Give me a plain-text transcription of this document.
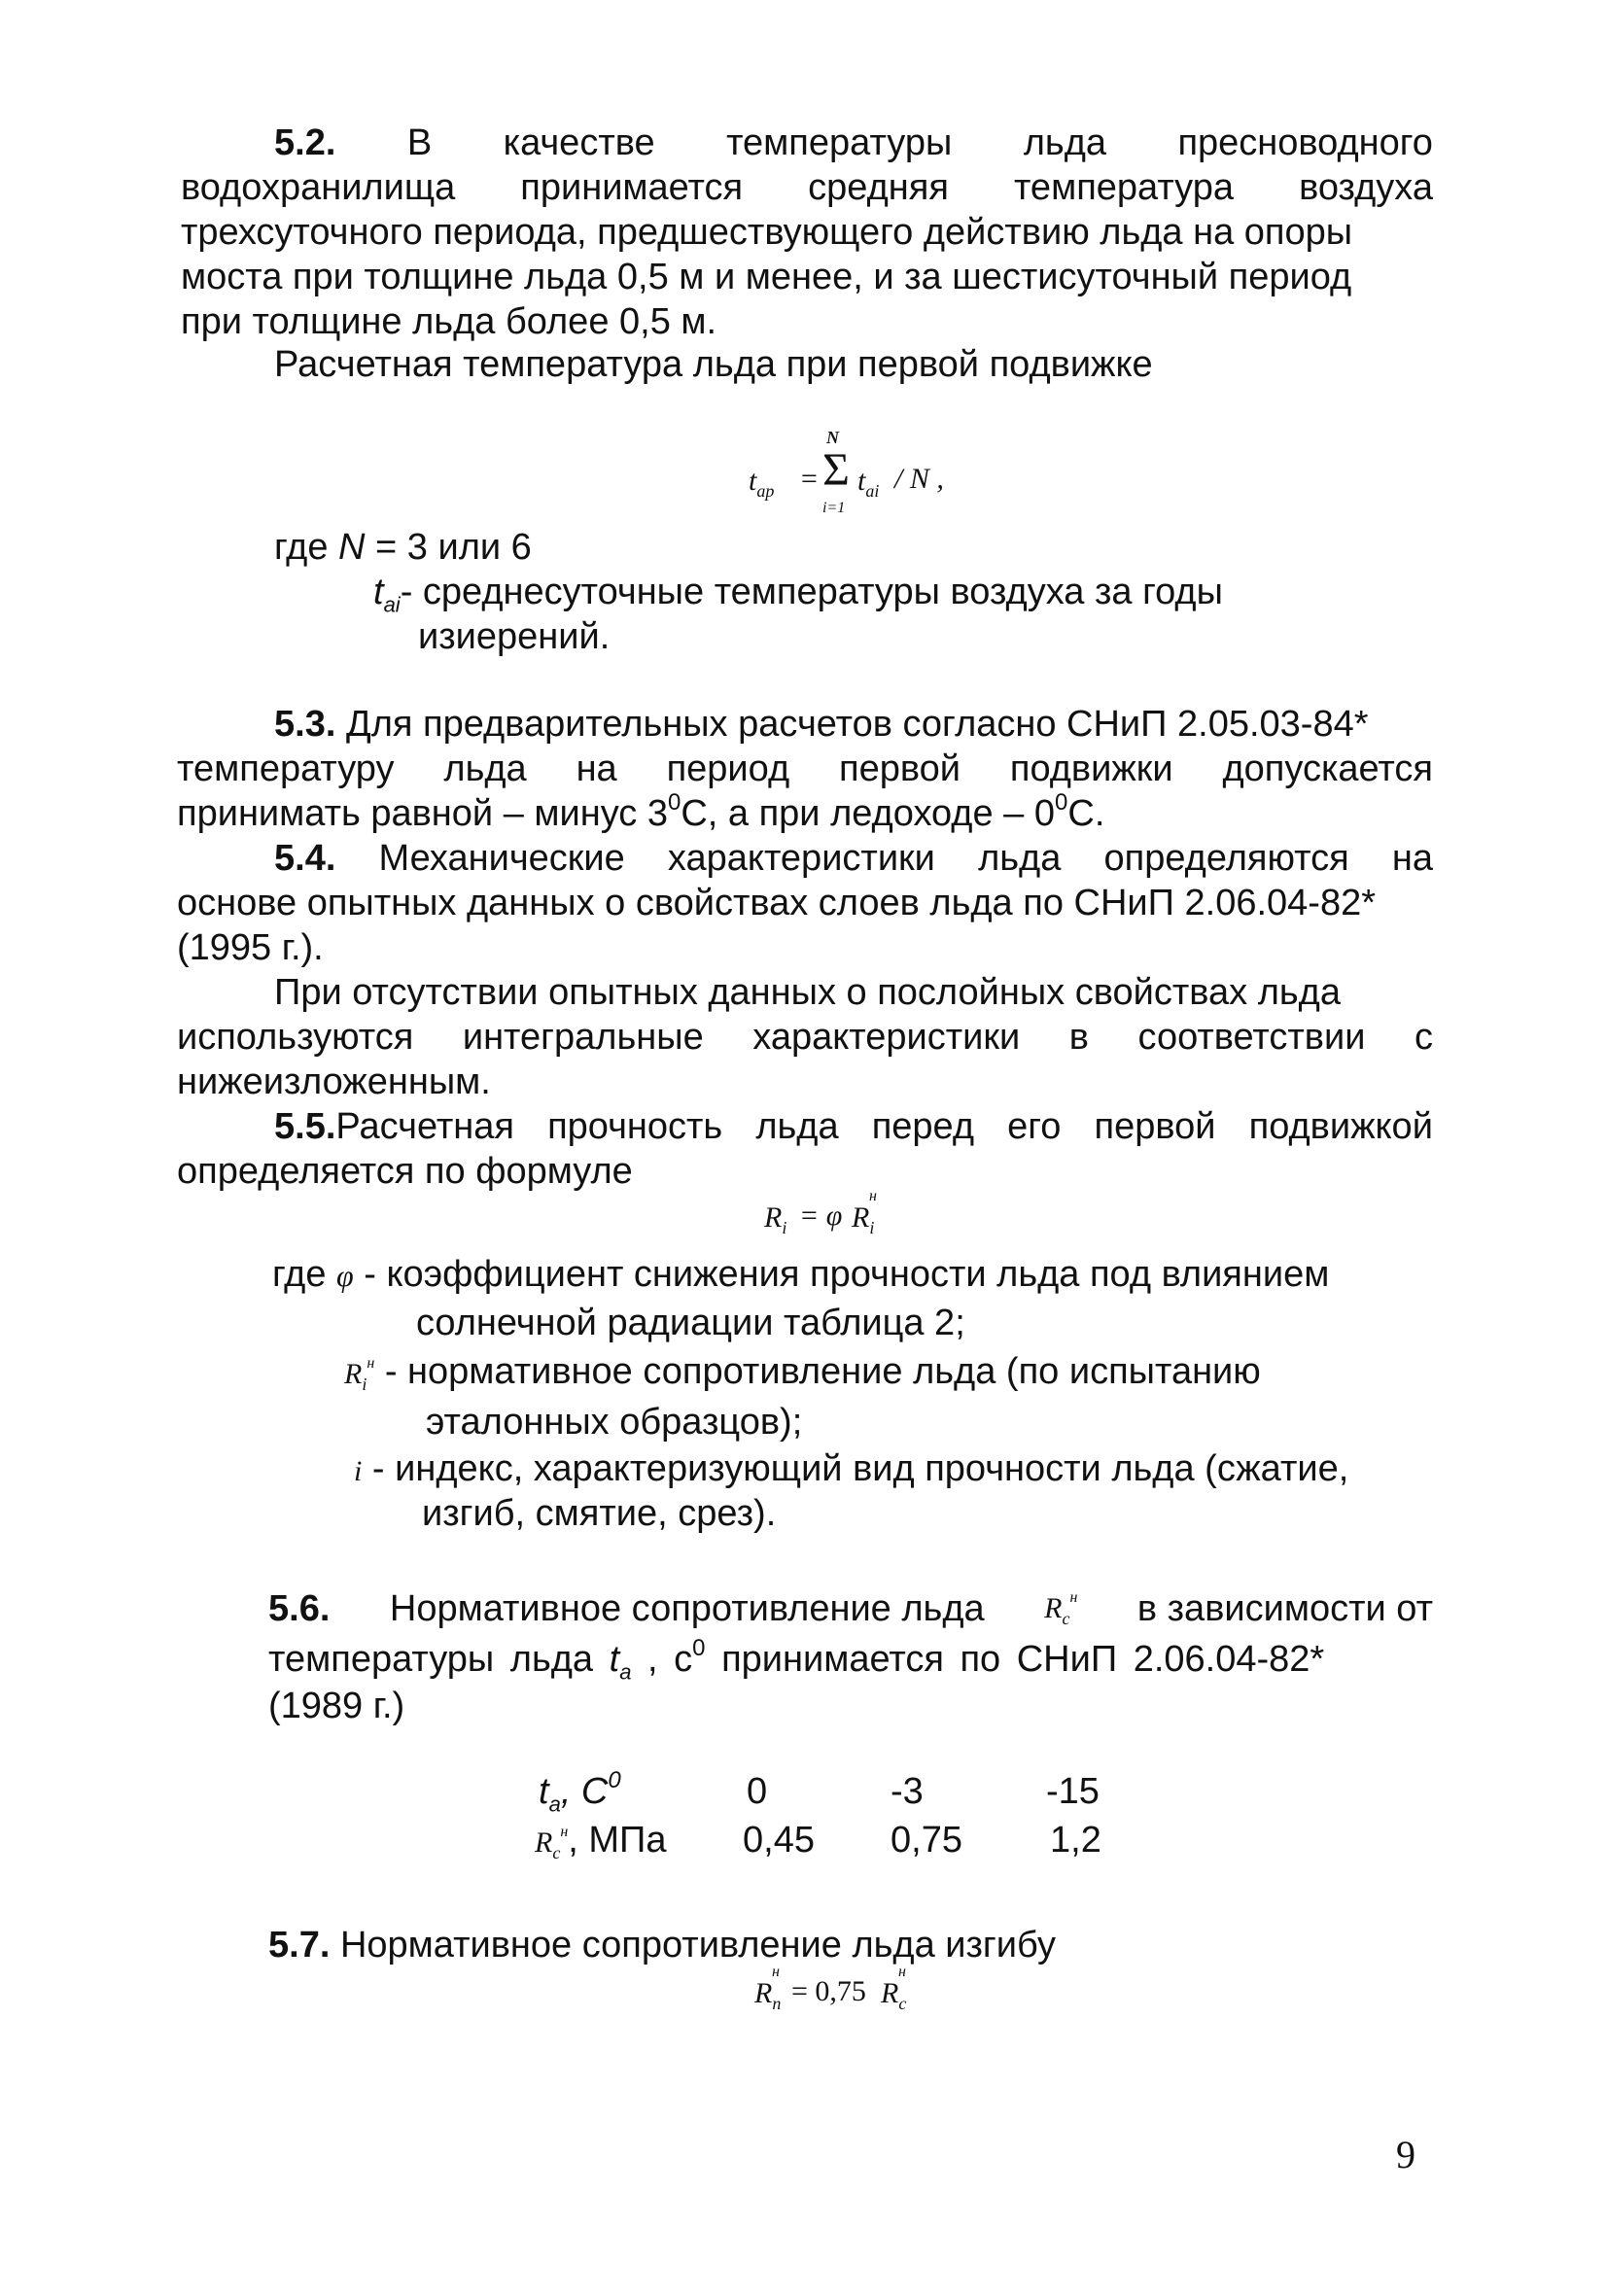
5.2. В качестве температуры льда пресноводного
водохранилища принимается средняя температура воздуха
трехсуточного периода, предшествующего действию льда на опоры
моста при толщине льда 0,5 м и менее, и за шестисуточный период
при толщине льда более 0,5 м.
Расчетная температура льда при первой подвижке
$t_{ap}$ =
N
Σ
i=1
$t_{ai}$ / N ,
где N = 3 или 6
$t_{ai}-$ среднесуточные температуры воздуха за годы
изиерений.
5.3. Для предварительных расчетов согласно СНиП 2.05.03-84*
температуру льда на период первой подвижки допускается
принимать равной – минус $3^0С$, а при ледоходе – $0^0С$.
5.4. Механические характеристики льда определяются на
основе опытных данных о свойствах слоев льда по СНиП 2.06.04-82*
(1995 г.).
При отсутствии опытных данных о послойных свойствах льда
используются интегральные характеристики в соответствии с
нижеизложенным.
5.5.Расчетная прочность льда перед его первой подвижкой
определяется по формуле
$R_i = \varphi$ $R_i$
н
где φ - коэффициент снижения прочности льда под влиянием
солнечной радиации таблица 2;
$R_i^н$ - нормативное сопротивление льда (по испытанию
эталонных образцов);
i - индекс, характеризующий вид прочности льда (сжатие,
изгиб, смятие, срез).
5.6. Нормативное сопротивление льда $R_c^н$ в зависимости от
температуры льда $t_a$ , $с^0$ принимается по СНиП 2.06.04-82*
(1989 г.)
$t_a$, $C^0$	0	-3	-15
$R_c^н$, МПа 0,45 0,75 1,2
5.7. Нормативное сопротивление льда изгибу
$R_n$
н
= 0,75 $R_c$
н
9
